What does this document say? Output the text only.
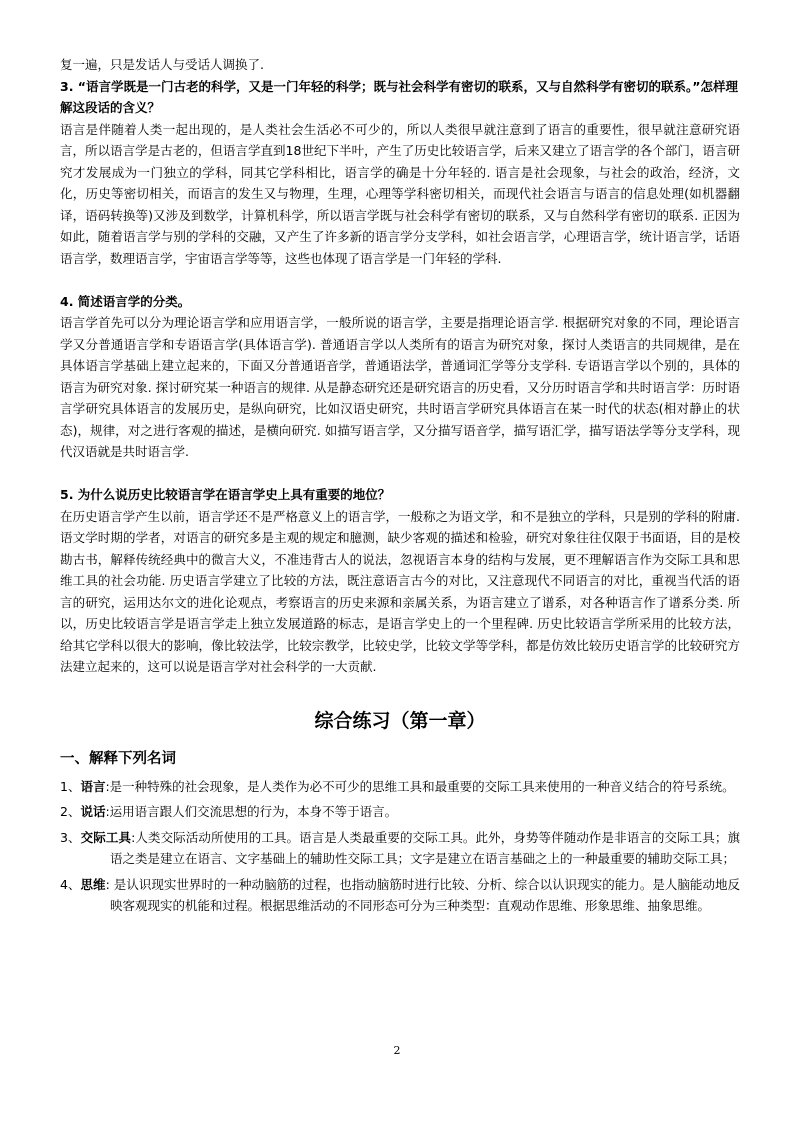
复一遍，只是发话人与受话人调换了.
3. “语言学既是一门古老的科学，又是一门年轻的科学；既与社会科学有密切的联系，又与自然科学有密切的联系。”怎样理解这段话的含义？
语言是伴随着人类一起出现的，是人类社会生活必不可少的，所以人类很早就注意到了语言的重要性，很早就注意研究语言，所以语言学是古老的，但语言学直到18世纪下半叶，产生了历史比较语言学，后来又建立了语言学的各个部门，语言研究才发展成为一门独立的学科，同其它学科相比，语言学的确是十分年轻的. 语言是社会现象，与社会的政治，经济，文化，历史等密切相关，而语言的发生又与物理，生理，心理等学科密切相关，而现代社会语言与语言的信息处理(如机器翻译，语码转换等)又涉及到数学，计算机科学，所以语言学既与社会科学有密切的联系，又与自然科学有密切的联系. 正因为如此，随着语言学与别的学科的交融，又产生了许多新的语言学分支学科，如社会语言学，心理语言学，统计语言学，话语语言学，数理语言学，宇宙语言学等等，这些也体现了语言学是一门年轻的学科.
4. 简述语言学的分类。
语言学首先可以分为理论语言学和应用语言学，一般所说的语言学，主要是指理论语言学. 根据研究对象的不同，理论语言学又分普通语言学和专语语言学(具体语言学). 普通语言学以人类所有的语言为研究对象，探讨人类语言的共同规律，是在具体语言学基础上建立起来的，下面又分普通语音学，普通语法学，普通词汇学等分支学科. 专语语言学以个别的，具体的语言为研究对象. 探讨研究某一种语言的规律. 从是静态研究还是研究语言的历史看，又分历时语言学和共时语言学：历时语言学研究具体语言的发展历史，是纵向研究，比如汉语史研究，共时语言学研究具体语言在某一时代的状态(相对静止的状态)，规律，对之进行客观的描述，是横向研究. 如描写语言学，又分描写语音学，描写语汇学，描写语法学等分支学科，现代汉语就是共时语言学.
5. 为什么说历史比较语言学在语言学史上具有重要的地位？
在历史语言学产生以前，语言学还不是严格意义上的语言学，一般称之为语文学，和不是独立的学科，只是别的学科的附庸. 语文学时期的学者，对语言的研究多是主观的规定和臆测，缺少客观的描述和检验，研究对象往往仅限于书面语，目的是校勘古书，解释传统经典中的微言大义，不准违背古人的说法，忽视语言本身的结构与发展，更不理解语言作为交际工具和思维工具的社会功能. 历史语言学建立了比较的方法，既注意语言古今的对比，又注意现代不同语言的对比，重视当代活的语言的研究，运用达尔文的进化论观点，考察语言的历史来源和亲属关系，为语言建立了谱系，对各种语言作了谱系分类. 所以，历史比较语言学是语言学走上独立发展道路的标志，是语言学史上的一个里程碑. 历史比较语言学所采用的比较方法，给其它学科以很大的影响，像比较法学，比较宗教学，比较史学，比较文学等学科，都是仿效比较历史语言学的比较研究方法建立起来的，这可以说是语言学对社会科学的一大贡献.
综合练习（第一章）
一、解释下列名词
1、语言:是一种特殊的社会现象，是人类作为必不可少的思维工具和最重要的交际工具来使用的一种音义结合的符号系统。
2、说话:运用语言跟人们交流思想的行为，本身不等于语言。
3、交际工具:人类交际活动所使用的工具。语言是人类最重要的交际工具。此外，身势等伴随动作是非语言的交际工具；旗语之类是建立在语言、文字基础上的辅助性交际工具；文字是建立在语言基础之上的一种最重要的辅助交际工具；
4、思维: 是认识现实世界时的一种动脑筋的过程，也指动脑筋时进行比较、分析、综合以认识现实的能力。是人脑能动地反映客观现实的机能和过程。根据思维活动的不同形态可分为三种类型：直观动作思维、形象思维、抽象思维。
2
